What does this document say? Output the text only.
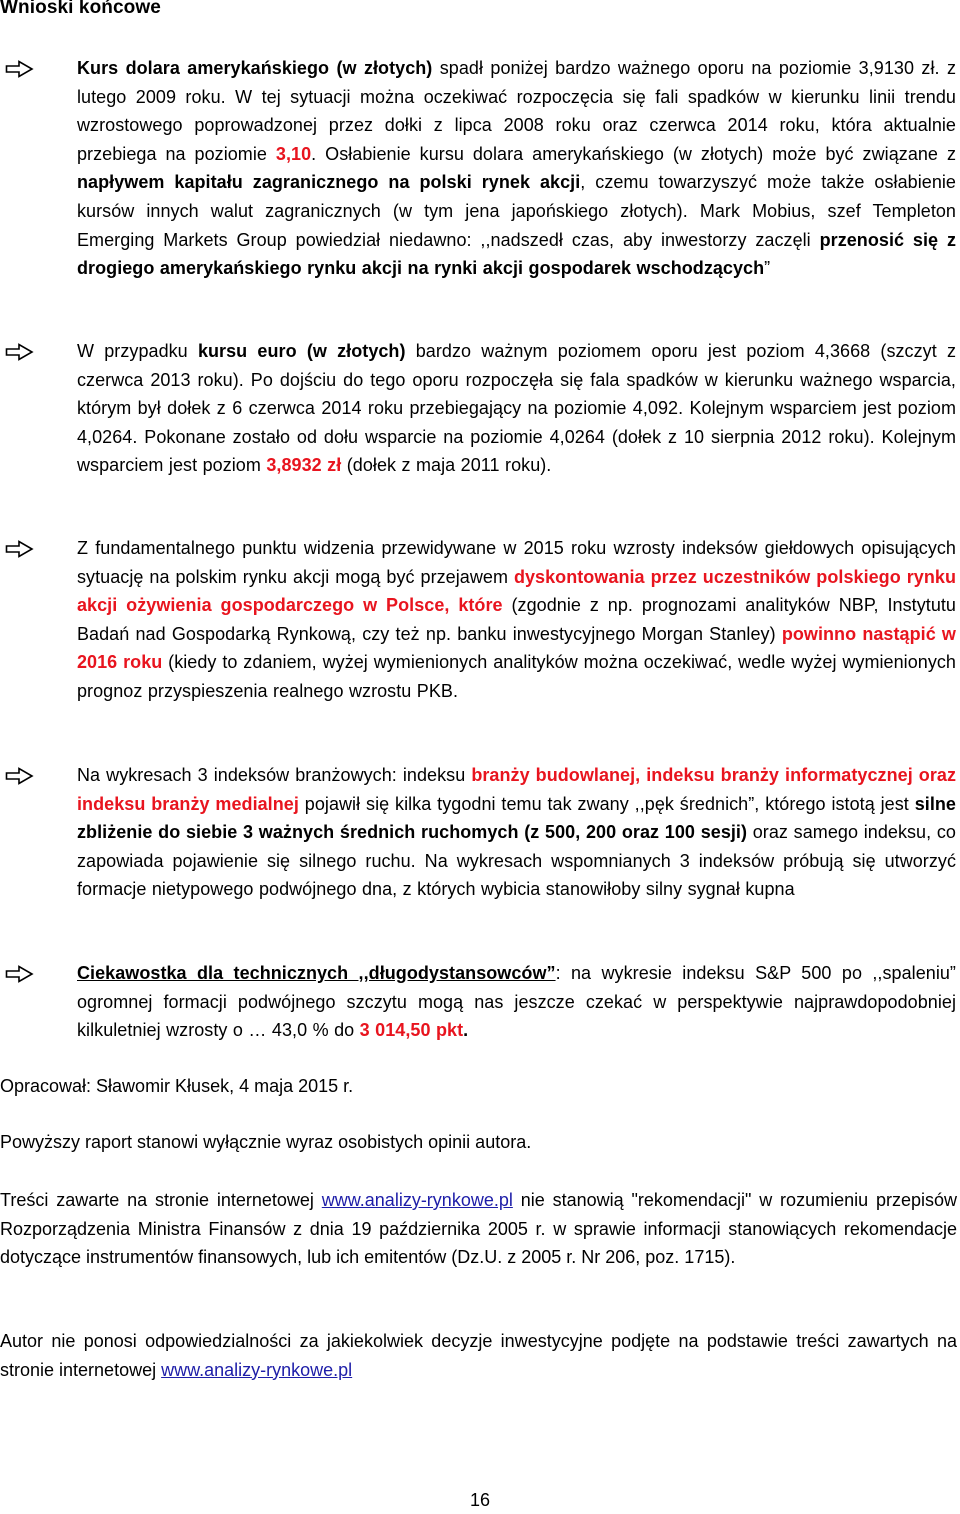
Wnioski końcowe
Kurs dolara amerykańskiego (w złotych) spadł poniżej bardzo ważnego oporu na poziomie 3,9130 zł. z lutego 2009 roku. W tej sytuacji można oczekiwać rozpoczęcia się fali spadków w kierunku linii trendu wzrostowego poprowadzonej przez dołki z lipca 2008 roku oraz czerwca 2014 roku, która aktualnie przebiega na poziomie 3,10. Osłabienie kursu dolara amerykańskiego (w złotych) może być związane z napływem kapitału zagranicznego na polski rynek akcji, czemu towarzyszyć może także osłabienie kursów innych walut zagranicznych (w tym jena japońskiego złotych). Mark Mobius, szef Templeton Emerging Markets Group powiedział niedawno: ,,nadszedł czas, aby inwestorzy zaczęli przenosić się z drogiego amerykańskiego rynku akcji na rynki akcji gospodarek wschodzących”
W przypadku kursu euro (w złotych) bardzo ważnym poziomem oporu jest poziom 4,3668 (szczyt z czerwca 2013 roku). Po dojściu do tego oporu rozpoczęła się fala spadków w kierunku ważnego wsparcia, którym był dołek z 6 czerwca 2014 roku przebiegający na poziomie 4,092. Kolejnym wsparciem jest poziom 4,0264. Pokonane zostało od dołu wsparcie na poziomie 4,0264 (dołek z 10 sierpnia 2012 roku). Kolejnym wsparciem jest poziom 3,8932 zł (dołek z maja 2011 roku).
Z fundamentalnego punktu widzenia przewidywane w 2015 roku wzrosty indeksów giełdowych opisujących sytuację na polskim rynku akcji mogą być przejawem dyskontowania przez uczestników polskiego rynku akcji ożywienia gospodarczego w Polsce, które (zgodnie z np. prognozami analityków NBP, Instytutu Badań nad Gospodarką Rynkową, czy też np. banku inwestycyjnego Morgan Stanley) powinno nastąpić w 2016 roku (kiedy to zdaniem, wyżej wymienionych analityków można oczekiwać, wedle wyżej wymienionych prognoz przyspieszenia realnego wzrostu PKB.
Na wykresach 3 indeksów branżowych: indeksu branży budowlanej, indeksu branży informatycznej oraz indeksu branży medialnej pojawił się kilka tygodni temu tak zwany ,,pęk średnich”, którego istotą jest silne zbliżenie do siebie 3 ważnych średnich ruchomych (z 500, 200 oraz 100 sesji) oraz samego indeksu, co zapowiada pojawienie się silnego ruchu. Na wykresach wspomnianych 3 indeksów próbują się utworzyć formacje nietypowego podwójnego dna, z których wybicia stanowiłoby silny sygnał kupna
Ciekawostka dla technicznych ,,długodystansowców”: na wykresie indeksu S&P 500 po ,,spaleniu” ogromnej formacji podwójnego szczytu mogą nas jeszcze czekać w perspektywie najprawdopodobniej kilkuletniej wzrosty o … 43,0 % do 3 014,50 pkt.
Opracował: Sławomir Kłusek, 4 maja 2015 r.
Powyższy raport stanowi wyłącznie wyraz osobistych opinii autora.
Treści zawarte na stronie internetowej www.analizy-rynkowe.pl nie stanowią "rekomendacji" w rozumieniu przepisów Rozporządzenia Ministra Finansów z dnia 19 października 2005 r. w sprawie informacji stanowiących rekomendacje dotyczące instrumentów finansowych, lub ich emitentów (Dz.U. z 2005 r. Nr 206, poz. 1715).
Autor nie ponosi odpowiedzialności za jakiekolwiek decyzje inwestycyjne podjęte na podstawie treści zawartych na stronie internetowej www.analizy-rynkowe.pl
16
